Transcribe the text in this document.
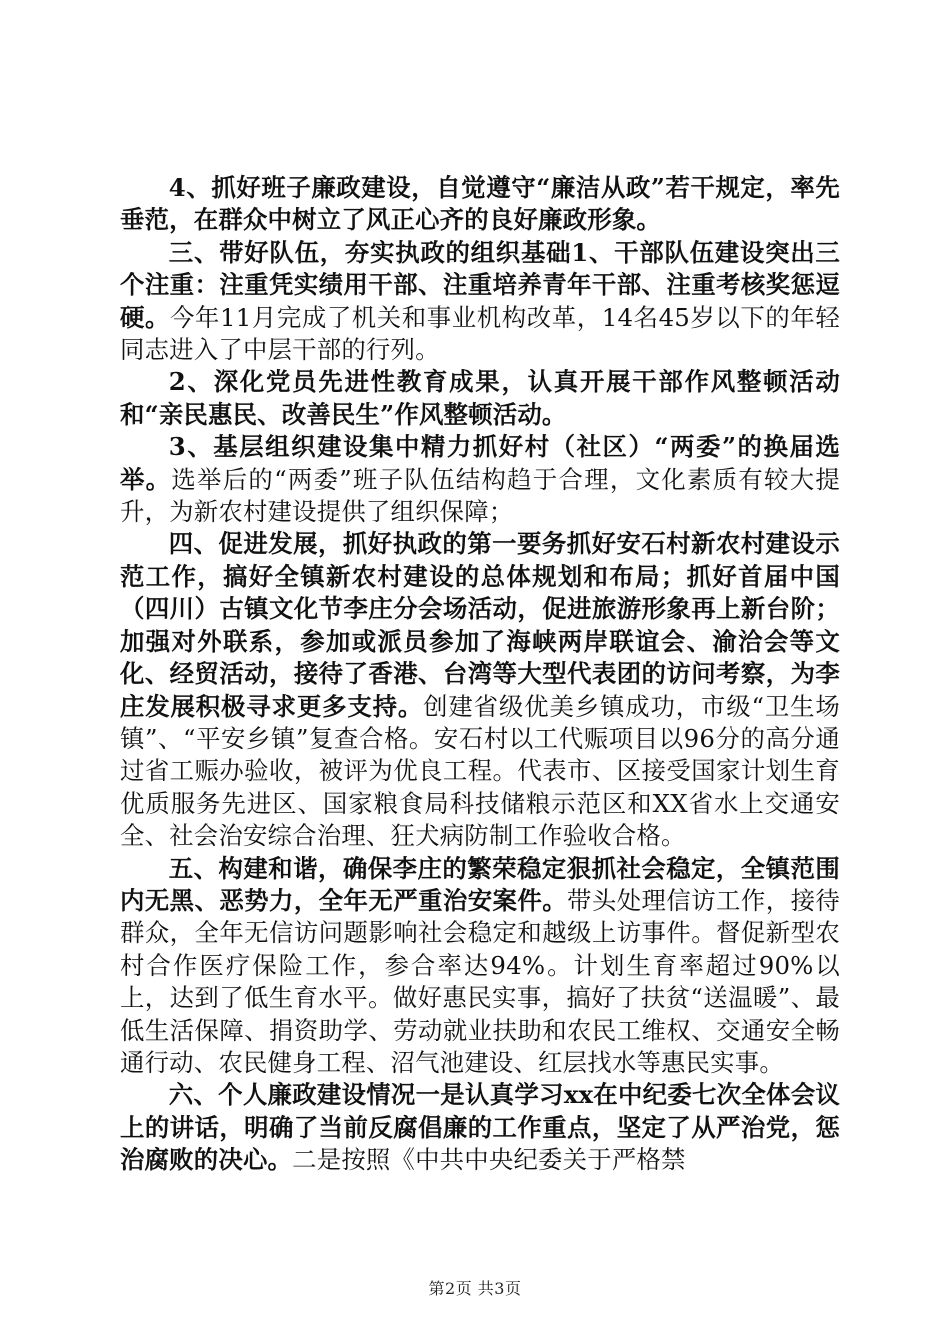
4、抓好班子廉政建设，自觉遵守“廉洁从政”若干规定，率先垂范，在群众中树立了风正心齐的良好廉政形象。

三、带好队伍，夯实执政的组织基础1、干部队伍建设突出三个注重：注重凭实绩用干部、注重培养青年干部、注重考核奖惩逗硬。今年11月完成了机关和事业机构改革，14名45岁以下的年轻同志进入了中层干部的行列。

2、深化党员先进性教育成果，认真开展干部作风整顿活动和“亲民惠民、改善民生”作风整顿活动。

3、基层组织建设集中精力抓好村（社区）“两委”的换届选举。选举后的“两委”班子队伍结构趋于合理，文化素质有较大提升，为新农村建设提供了组织保障；

四、促进发展，抓好执政的第一要务抓好安石村新农村建设示范工作，搞好全镇新农村建设的总体规划和布局；抓好首届中国（四川）古镇文化节李庄分会场活动，促进旅游形象再上新台阶；加强对外联系，参加或派员参加了海峡两岸联谊会、渝洽会等文化、经贸活动，接待了香港、台湾等大型代表团的访问考察，为李庄发展积极寻求更多支持。创建省级优美乡镇成功，市级“卫生场镇”、“平安乡镇”复查合格。安石村以工代赈项目以96分的高分通过省工赈办验收，被评为优良工程。代表市、区接受国家计划生育优质服务先进区、国家粮食局科技储粮示范区和XX省水上交通安全、社会治安综合治理、狂犬病防制工作验收合格。

五、构建和谐，确保李庄的繁荣稳定狠抓社会稳定，全镇范围内无黑、恶势力，全年无严重治安案件。带头处理信访工作，接待群众，全年无信访问题影响社会稳定和越级上访事件。督促新型农村合作医疗保险工作，参合率达94%。计划生育率超过90%以上，达到了低生育水平。做好惠民实事，搞好了扶贫“送温暖”、最低生活保障、捐资助学、劳动就业扶助和农民工维权、交通安全畅通行动、农民健身工程、沼气池建设、红层找水等惠民实事。

六、个人廉政建设情况一是认真学习xx在中纪委七次全体会议上的讲话，明确了当前反腐倡廉的工作重点，坚定了从严治党，惩治腐败的决心。二是按照《中共中央纪委关于严格禁

第2页 共3页
